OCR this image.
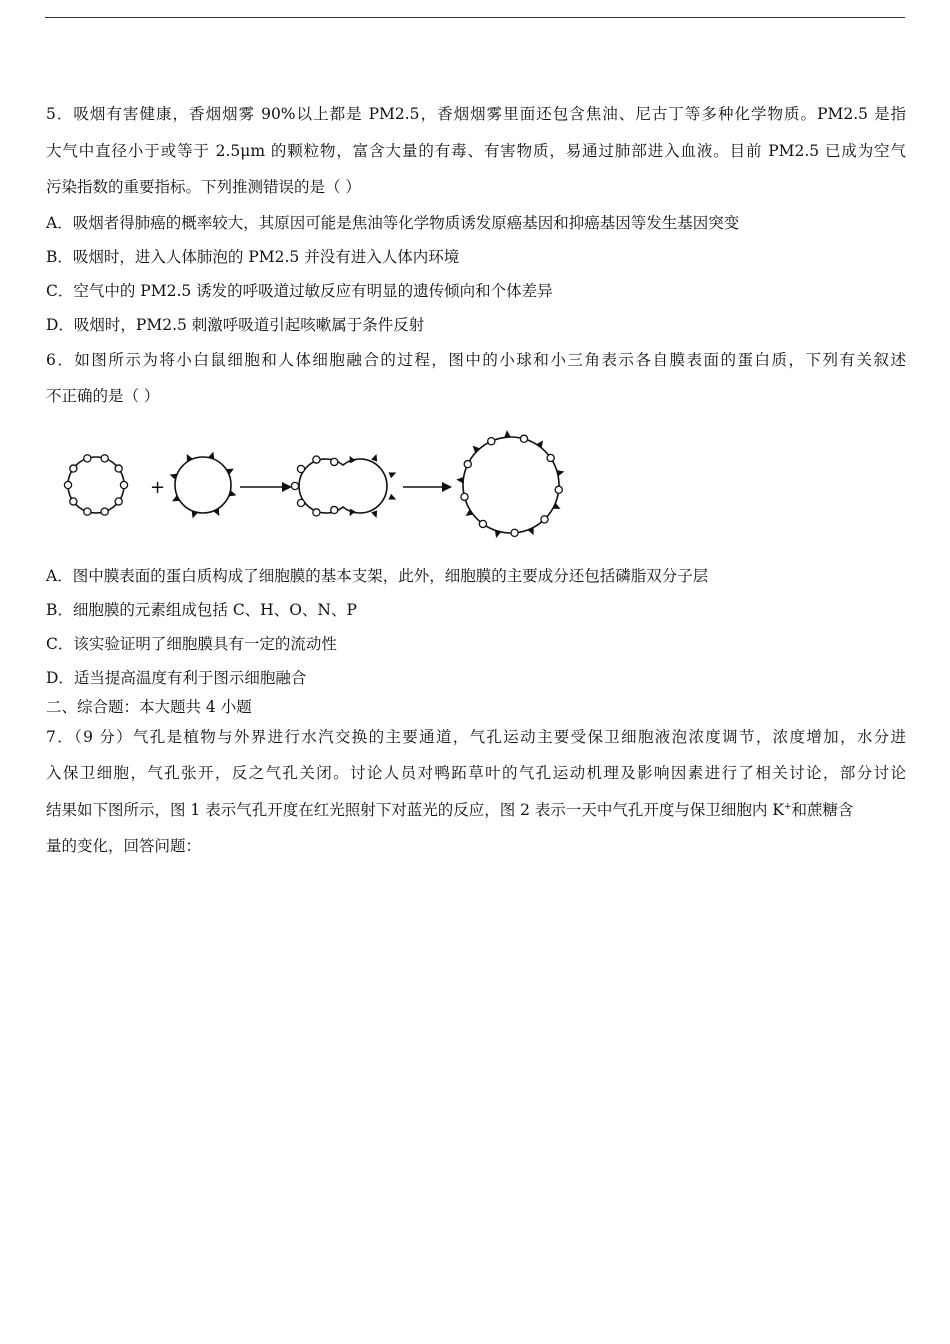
5．吸烟有害健康，香烟烟雾 90%以上都是 PM2.5，香烟烟雾里面还包含焦油、尼古丁等多种化学物质。PM2.5 是指
大气中直径小于或等于 2.5μm 的颗粒物，富含大量的有毒、有害物质，易通过肺部进入血液。目前 PM2.5 已成为空气
污染指数的重要指标。下列推测错误的是（ ）
A．吸烟者得肺癌的概率较大，其原因可能是焦油等化学物质诱发原癌基因和抑癌基因等发生基因突变
B．吸烟时，进入人体肺泡的 PM2.5 并没有进入人体内环境
C．空气中的 PM2.5 诱发的呼吸道过敏反应有明显的遗传倾向和个体差异
D．吸烟时，PM2.5 刺激呼吸道引起咳嗽属于条件反射
6．如图所示为将小白鼠细胞和人体细胞融合的过程，图中的小球和小三角表示各自膜表面的蛋白质，下列有关叙述
不正确的是（ ）
+
A．图中膜表面的蛋白质构成了细胞膜的基本支架，此外，细胞膜的主要成分还包括磷脂双分子层
B．细胞膜的元素组成包括 C、H、O、N、P
C．该实验证明了细胞膜具有一定的流动性
D．适当提高温度有利于图示细胞融合
二、综合题：本大题共 4 小题
7．（9 分）气孔是植物与外界进行水汽交换的主要通道，气孔运动主要受保卫细胞液泡浓度调节，浓度增加，水分进
入保卫细胞，气孔张开，反之气孔关闭。讨论人员对鸭跖草叶的气孔运动机理及影响因素进行了相关讨论，部分讨论
结果如下图所示，图 1 表示气孔开度在红光照射下对蓝光的反应，图 2 表示一天中气孔开度与保卫细胞内 K+和蔗糖含
量的变化，回答问题：
